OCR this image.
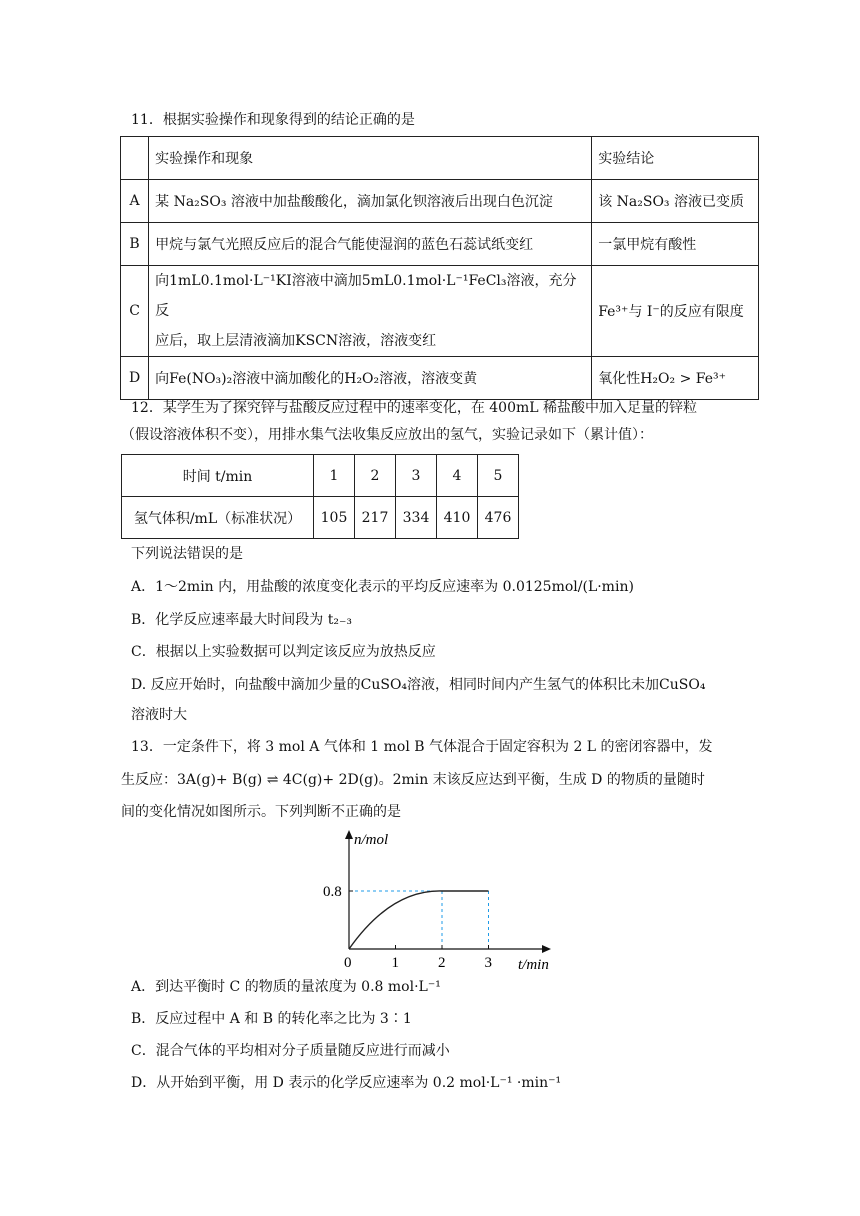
11．根据实验操作和现象得到的结论正确的是
	实验操作和现象	实验结论
A	某 Na₂SO₃ 溶液中加盐酸酸化，滴加氯化钡溶液后出现白色沉淀	该 Na₂SO₃ 溶液已变质
B	甲烷与氯气光照反应后的混合气能使湿润的蓝色石蕊试纸变红	一氯甲烷有酸性
C	向1mL0.1mol·L⁻¹KI溶液中滴加5mL0.1mol·L⁻¹FeCl₃溶液，充分反
应后，取上层清液滴加KSCN溶液，溶液变红	Fe³⁺与 I⁻的反应有限度
D	向Fe(NO₃)₂溶液中滴加酸化的H₂O₂溶液，溶液变黄	氧化性H₂O₂ > Fe³⁺
12．某学生为了探究锌与盐酸反应过程中的速率变化，在 400mL 稀盐酸中加入足量的锌粒
（假设溶液体积不变），用排水集气法收集反应放出的氢气，实验记录如下（累计值）：
时间 t/min	1	2	3	4	5
氢气体积/mL（标准状况）	105	217	334	410	476
下列说法错误的是
A．1～2min 内，用盐酸的浓度变化表示的平均反应速率为 0.0125mol/(L·min)
B．化学反应速率最大时间段为 t₂₋₃
C．根据以上实验数据可以判定该反应为放热反应
D. 反应开始时，向盐酸中滴加少量的CuSO₄溶液，相同时间内产生氢气的体积比未加CuSO₄
溶液时大
13．一定条件下，将 3 mol A 气体和 1 mol B 气体混合于固定容积为 2 L 的密闭容器中，发
生反应：3A(g)+ B(g) ⇌ 4C(g)+ 2D(g)。2min 末该反应达到平衡，生成 D 的物质的量随时
间的变化情况如图所示。下列判断不正确的是
1	2	3
0.8
n/mol
t/min
0
A．到达平衡时 C 的物质的量浓度为 0.8 mol·L⁻¹
B．反应过程中 A 和 B 的转化率之比为 3∶1
C．混合气体的平均相对分子质量随反应进行而减小
D．从开始到平衡，用 D 表示的化学反应速率为 0.2 mol·L⁻¹ ·min⁻¹
